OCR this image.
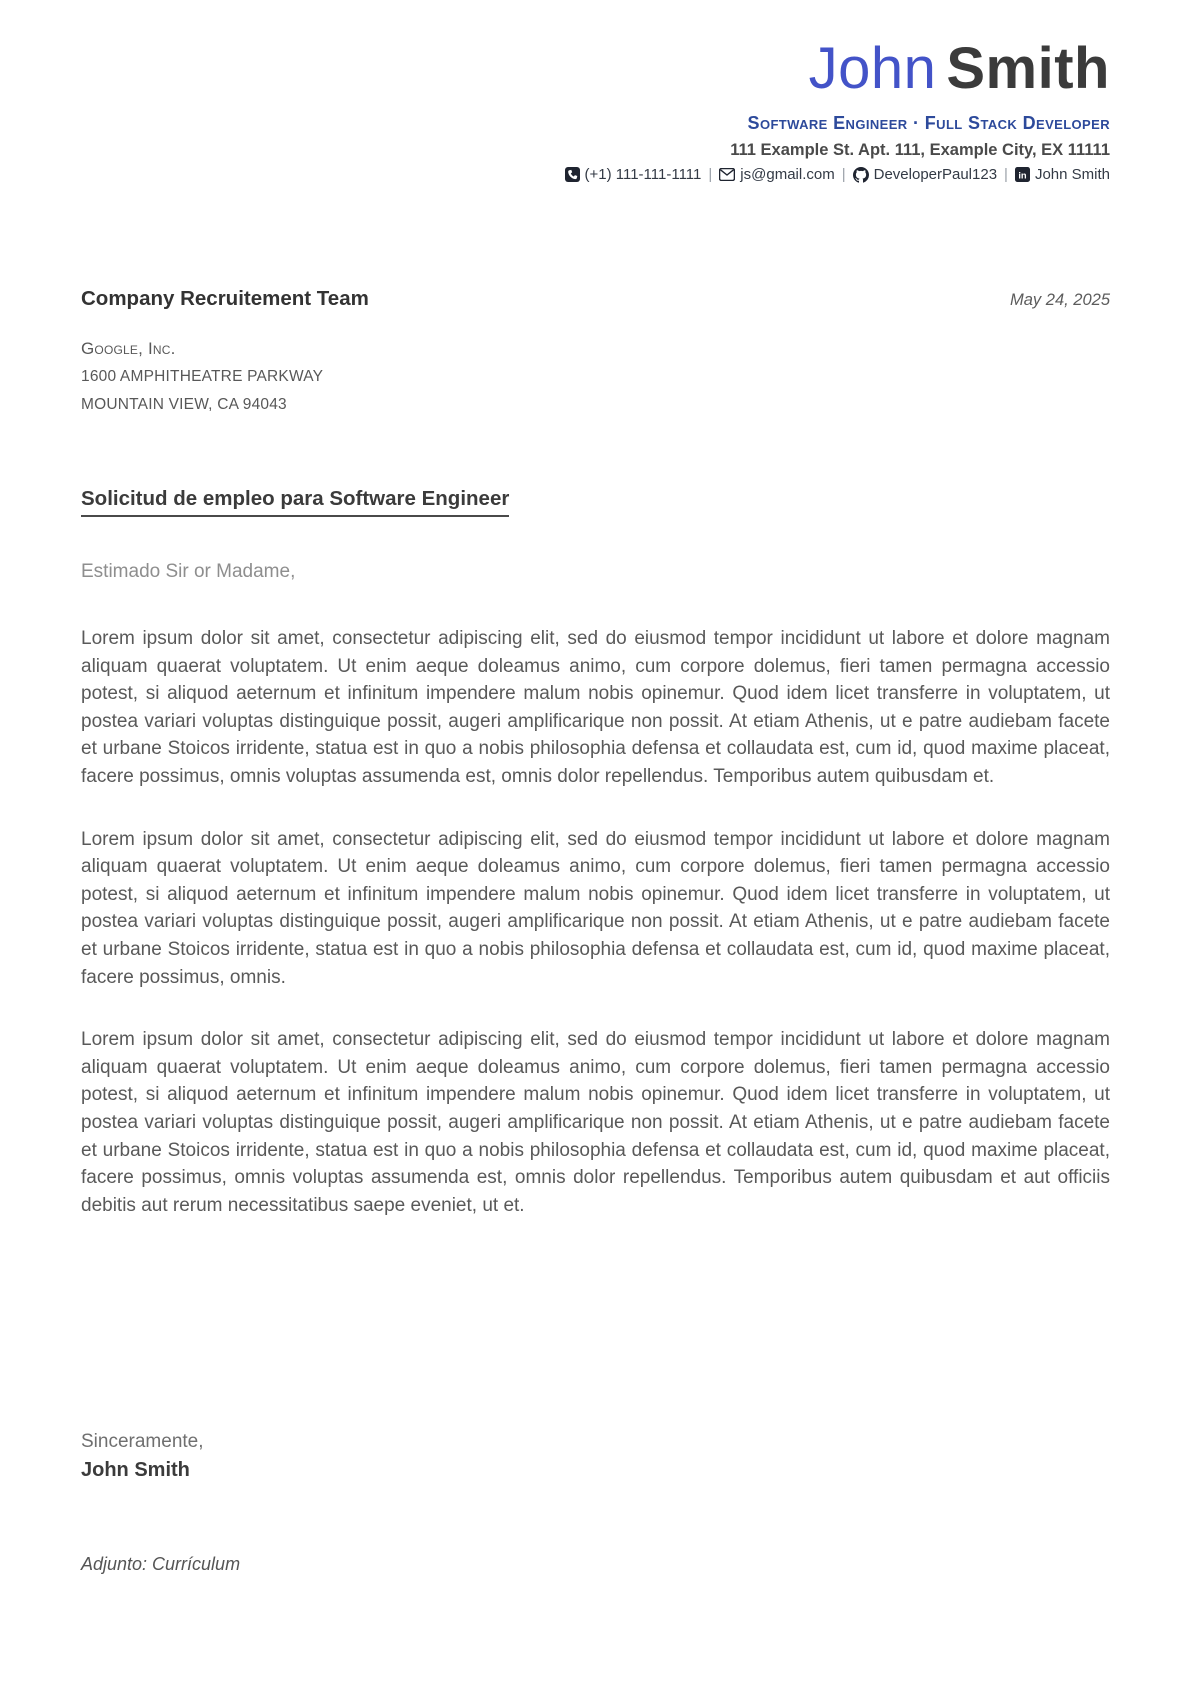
John Smith
Software Engineer · Full Stack Developer
111 Example St. Apt. 111, Example City, EX 11111
(+1) 111-111-1111 | js@gmail.com | DeveloperPaul123 | in John Smith
Company Recruitement Team	May 24, 2025
Google, Inc.
1600 AMPHITHEATRE PARKWAY
MOUNTAIN VIEW, CA 94043
Solicitud de empleo para Software Engineer
Estimado Sir or Madame,

Lorem ipsum dolor sit amet, consectetur adipiscing elit, sed do eiusmod tempor incididunt ut labore et dolore magnam aliquam quaerat voluptatem. Ut enim aeque doleamus animo, cum corpore dolemus, fieri tamen permagna accessio potest, si aliquod aeternum et infinitum impendere malum nobis opinemur. Quod idem licet transferre in voluptatem, ut postea variari voluptas distinguique possit, augeri amplificarique non possit. At etiam Athenis, ut e patre audiebam facete et urbane Stoicos irridente, statua est in quo a nobis philosophia defensa et collaudata est, cum id, quod maxime placeat, facere possimus, omnis voluptas assumenda est, omnis dolor repellendus. Temporibus autem quibusdam et.

Lorem ipsum dolor sit amet, consectetur adipiscing elit, sed do eiusmod tempor incididunt ut labore et dolore magnam aliquam quaerat voluptatem. Ut enim aeque doleamus animo, cum corpore dolemus, fieri tamen permagna accessio potest, si aliquod aeternum et infinitum impendere malum nobis opinemur. Quod idem licet transferre in voluptatem, ut postea variari voluptas distinguique possit, augeri amplificarique non possit. At etiam Athenis, ut e patre audiebam facete et urbane Stoicos irridente, statua est in quo a nobis philosophia defensa et collaudata est, cum id, quod maxime placeat, facere possimus, omnis.

Lorem ipsum dolor sit amet, consectetur adipiscing elit, sed do eiusmod tempor incididunt ut labore et dolore magnam aliquam quaerat voluptatem. Ut enim aeque doleamus animo, cum corpore dolemus, fieri tamen permagna accessio potest, si aliquod aeternum et infinitum impendere malum nobis opinemur. Quod idem licet transferre in voluptatem, ut postea variari voluptas distinguique possit, augeri amplificarique non possit. At etiam Athenis, ut e patre audiebam facete et urbane Stoicos irridente, statua est in quo a nobis philosophia defensa et collaudata est, cum id, quod maxime placeat, facere possimus, omnis voluptas assumenda est, omnis dolor repellendus. Temporibus autem quibusdam et aut officiis debitis aut rerum necessitatibus saepe eveniet, ut et.

Sinceramente,
John Smith
Adjunto: Currículum
